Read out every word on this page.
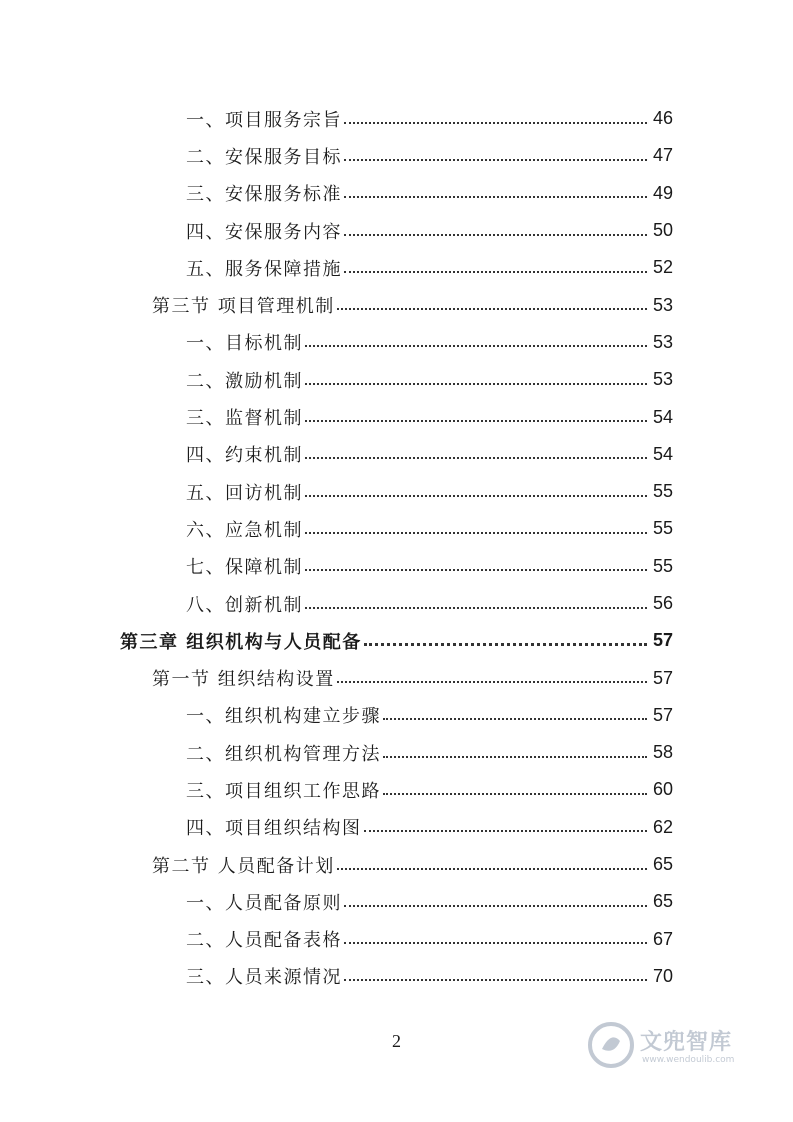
一、项目服务宗旨	46
二、安保服务目标	47
三、安保服务标准	49
四、安保服务内容	50
五、服务保障措施	52
第三节 项目管理机制	53
一、目标机制	53
二、激励机制	53
三、监督机制	54
四、约束机制	54
五、回访机制	55
六、应急机制	55
七、保障机制	55
八、创新机制	56
第三章 组织机构与人员配备	57
第一节 组织结构设置	57
一、组织机构建立步骤	57
二、组织机构管理方法	58
三、项目组织工作思路	60
四、项目组织结构图	62
第二节 人员配备计划	65
一、人员配备原则	65
二、人员配备表格	67
三、人员来源情况	70
2	文兜智库
www.wendoulib.com
